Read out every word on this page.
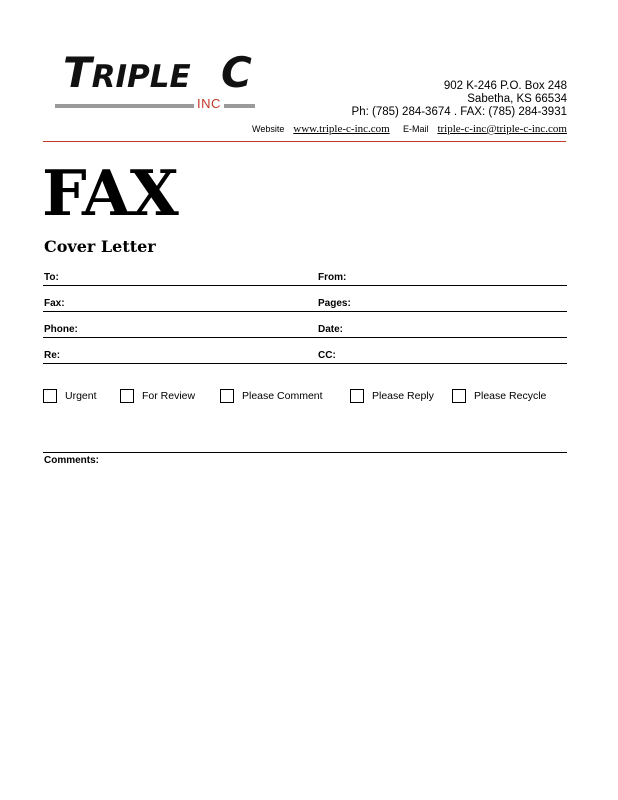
TRIPLE C
INC
902 K-246 P.O. Box 248
Sabetha, KS 66534
Ph: (785) 284-3674 . FAX: (785) 284-3931
Website www.triple-c-inc.com E-Mail triple-c-inc@triple-c-inc.com
FAX
Cover Letter
To:	From:
Fax:	Pages:
Phone:	Date:
Re:	CC:
Urgent	For Review	Please Comment	Please Reply	Please Recycle
Comments:
